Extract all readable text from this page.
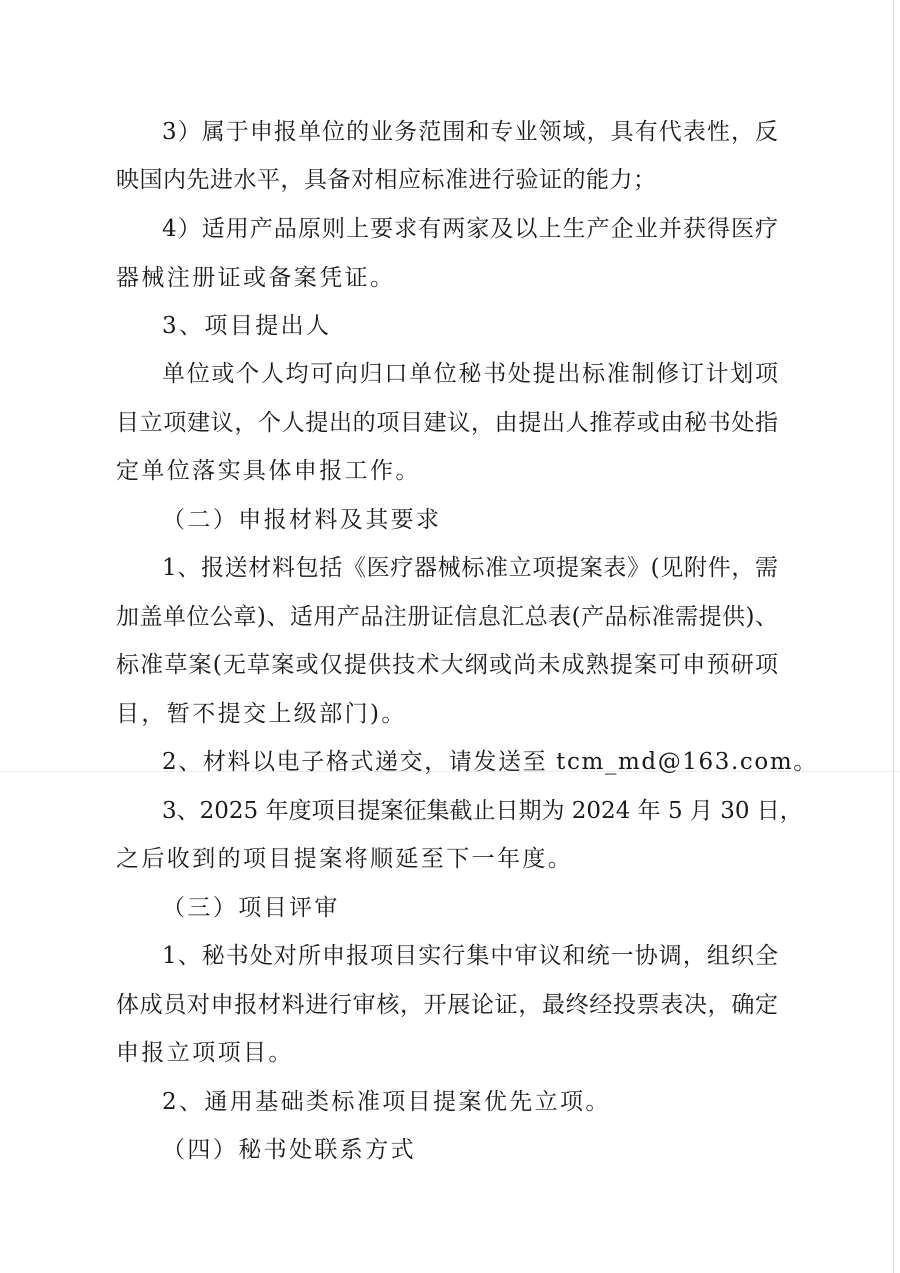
3）属于申报单位的业务范围和专业领域，具有代表性，反
映国内先进水平，具备对相应标准进行验证的能力；
4）适用产品原则上要求有两家及以上生产企业并获得医疗
器械注册证或备案凭证。
3、项目提出人
单位或个人均可向归口单位秘书处提出标准制修订计划项
目立项建议，个人提出的项目建议，由提出人推荐或由秘书处指
定单位落实具体申报工作。
（二）申报材料及其要求
1、报送材料包括《医疗器械标准立项提案表》(见附件，需
加盖单位公章)、适用产品注册证信息汇总表(产品标准需提供)、
标准草案(无草案或仅提供技术大纲或尚未成熟提案可申预研项
目，暂不提交上级部门)。
2、材料以电子格式递交，请发送至 tcm_md@163.com。
3、2025 年度项目提案征集截止日期为 2024 年 5 月 30 日，
之后收到的项目提案将顺延至下一年度。
（三）项目评审
1、秘书处对所申报项目实行集中审议和统一协调，组织全
体成员对申报材料进行审核，开展论证，最终经投票表决，确定
申报立项项目。
2、通用基础类标准项目提案优先立项。
（四）秘书处联系方式
